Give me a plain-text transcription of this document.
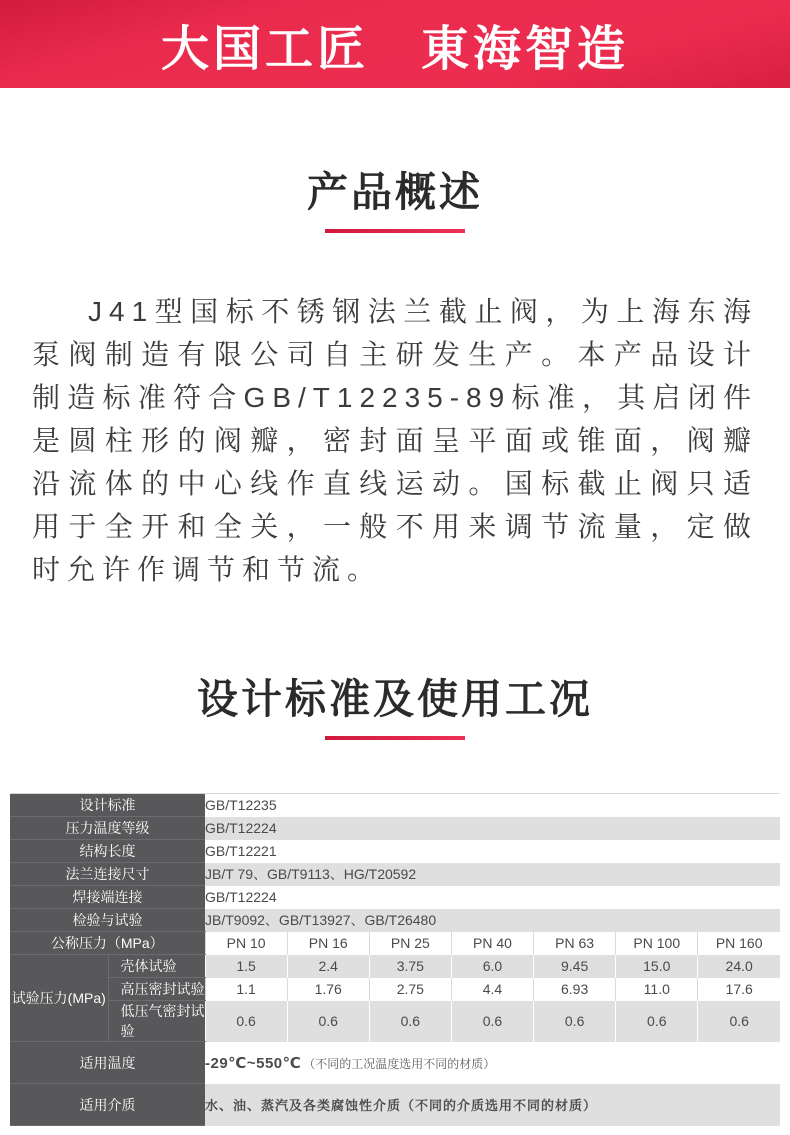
大国工匠　東海智造
产品概述

J41型国标不锈钢法兰截止阀，为上海东海泵阀制造有限公司自主研发生产。本产品设计制造标准符合GB/T12235-89标准，其启闭件是圆柱形的阀瓣，密封面呈平面或锥面，阀瓣沿流体的中心线作直线运动。国标截止阀只适用于全开和全关，一般不用来调节流量，定做时允许作调节和节流。

设计标准及使用工况
设计标准		GB/T12235						
压力温度等级		GB/T12224						
结构长度		GB/T12221						
法兰连接尺寸		JB/T 79、GB/T9113、HG/T20592						
焊接端连接		GB/T12224						
检验与试验		JB/T9092、GB/T13927、GB/T26480						
公称压力（MPa）		PN 10	PN 16	PN 25	PN 40	PN 63	PN 100	PN 160
试验压力(MPa)	壳体试验	1.5	2.4	3.75	6.0	9.45	15.0	24.0
	高压密封试验	1.1	1.76	2.75	4.4	6.93	11.0	17.6
	低压气密封试验	0.6	0.6	0.6	0.6	0.6	0.6	0.6
适用温度		-29℃~550℃ （不同的工况温度选用不同的材质）						
适用介质		水、油、蒸汽及各类腐蚀性介质（不同的介质选用不同的材质）						
